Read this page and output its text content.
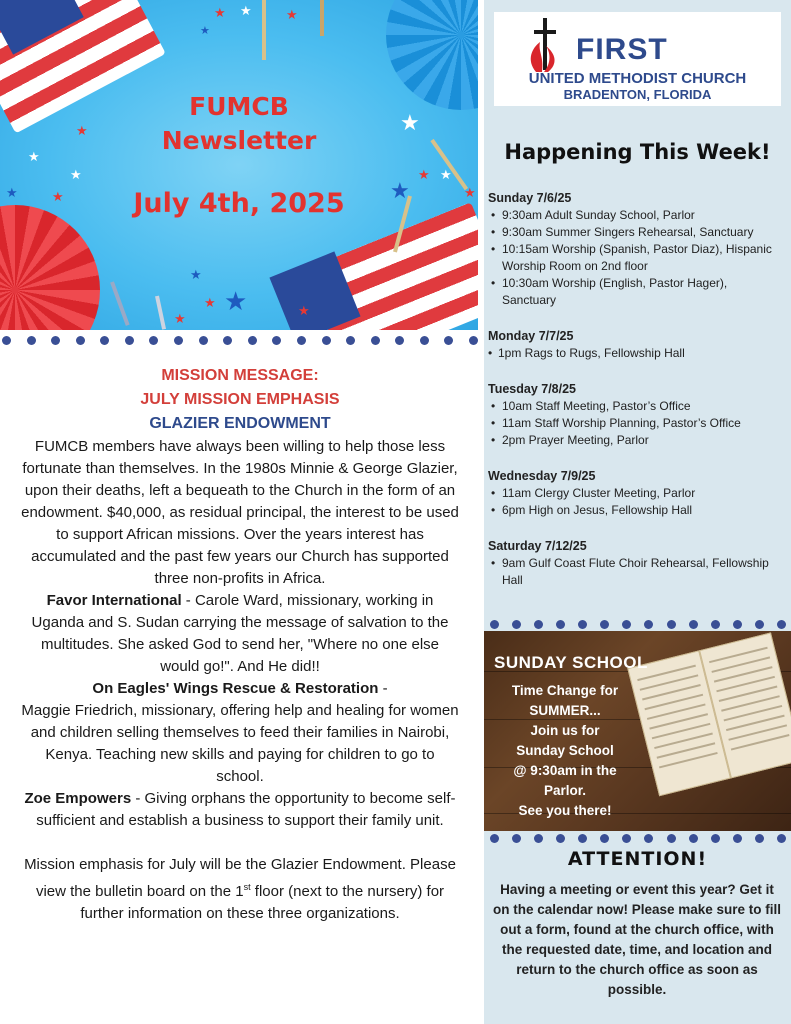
★ ★	★
★
★
★
★	★
★
★
★
★
★
★
★
★ ★	★
★
★

FUMCB

Newsletter

July 4th, 2025

MISSION MESSAGE:

JULY MISSION EMPHASIS

GLAZIER ENDOWMENT

FUMCB members have always been willing to help those less fortunate than themselves. In the 1980s Minnie & George Glazier, upon their deaths, left a bequeath to the Church in the form of an endowment. $40,000, as residual principal, the interest to be used to support African missions. Over the years interest has accumulated and the past few years our Church has supported three non-profits in Africa.

Favor International - Carole Ward, missionary, working in Uganda and S. Sudan carrying the message of salvation to the multitudes. She asked God to send her, "Where no one else would go!". And He did!!

On Eagles' Wings Rescue & Restoration -
Maggie Friedrich, missionary, offering help and healing for women and children selling themselves to feed their families in Nairobi, Kenya. Teaching new skills and paying for children to go to school.

Zoe Empowers - Giving orphans the opportunity to become self-sufficient and establish a business to support their family unit.

Mission emphasis for July will be the Glazier Endowment. Please view the bulletin board on the 1st floor (next to the nursery) for further information on these three organizations.

FIRST

UNITED METHODIST CHURCH

BRADENTON, FLORIDA

Happening This Week!

Sunday 7/6/25

• 9:30am Adult Sunday School, Parlor
• 9:30am Summer Singers Rehearsal, Sanctuary
• 10:15am Worship (Spanish, Pastor Diaz), Hispanic Worship Room on 2nd floor
• 10:30am Worship (English, Pastor Hager), Sanctuary

Monday 7/7/25

• 1pm Rags to Rugs, Fellowship Hall

Tuesday 7/8/25

• 10am Staff Meeting, Pastor’s Office
• 11am Staff Worship Planning, Pastor’s Office
• 2pm Prayer Meeting, Parlor

Wednesday 7/9/25

• 11am Clergy Cluster Meeting, Parlor
• 6pm High on Jesus, Fellowship Hall

Saturday 7/12/25

• 9am Gulf Coast Flute Choir Rehearsal, Fellowship Hall

SUNDAY SCHOOL

Time Change for
SUMMER...
Join us for
Sunday School
@ 9:30am in the
Parlor.
See you there!

ATTENTION!

Having a meeting or event this year? Get it on the calendar now! Please make sure to fill out a form, found at the church office, with the requested date, time, and location and return to the church office as soon as possible.
